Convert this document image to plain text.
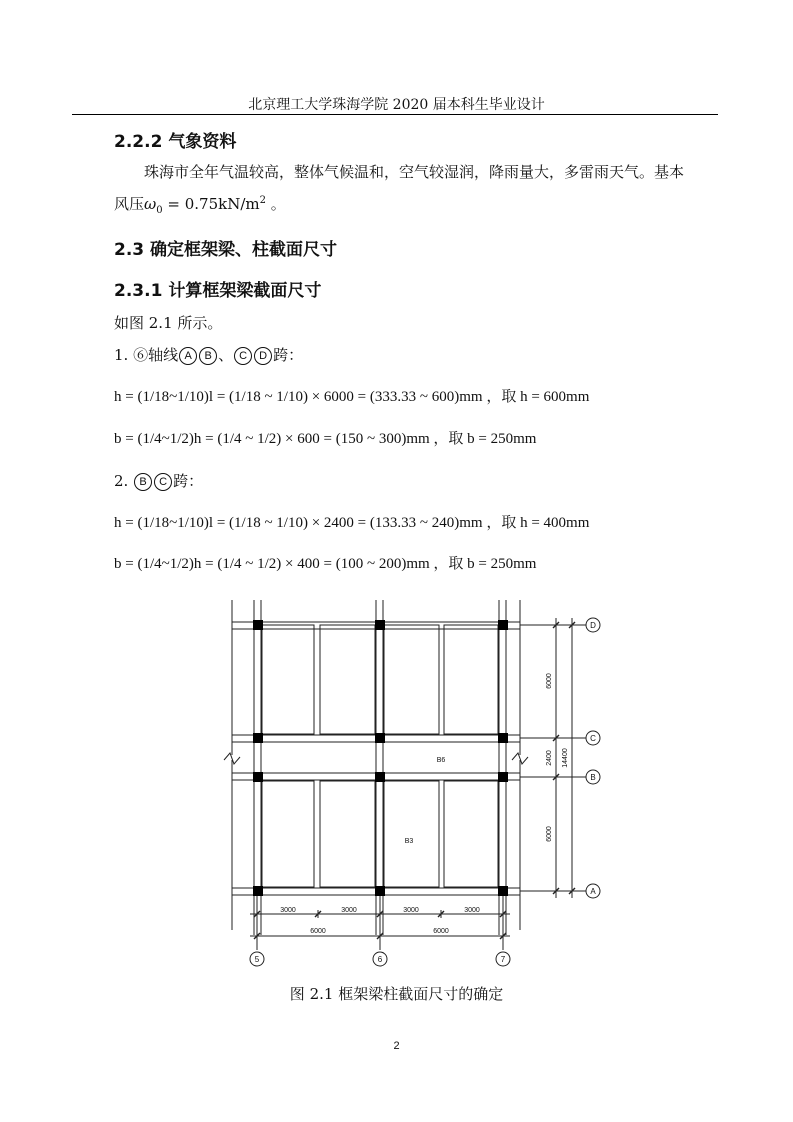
北京理工大学珠海学院 2020 届本科生毕业设计
2.2.2 气象资料
珠海市全年气温较高，整体气候温和，空气较湿润，降雨量大，多雷雨天气。基本
风压$\omega_0 = 0.75kN/m^2$ 。
2.3 确定框架梁、柱截面尺寸
2.3.1 计算框架梁截面尺寸
如图 2.1 所示。
1. ⑥轴线 A B 、 C D 跨：
h = (1/18~1/10)l = (1/18 ~ 1/10) × 6000 = (333.33 ~ 600)mm ，取 h = 600mm
b = (1/4~1/2)h = (1/4 ~ 1/2) × 600 = (150 ~ 300)mm ，取 b = 250mm
2. B C 跨：
h = (1/18~1/10)l = (1/18 ~ 1/10) × 2400 = (133.33 ~ 240)mm ，取 h = 400mm
b = (1/4~1/2)h = (1/4 ~ 1/2) × 400 = (100 ~ 200)mm ，取 b = 250mm
D
C
B
A
5	6	7
B6
B3
3000	3000	3000	3000
6000	6000
6000
2400
6000
14400
图 2.1 框架梁柱截面尺寸的确定
2
